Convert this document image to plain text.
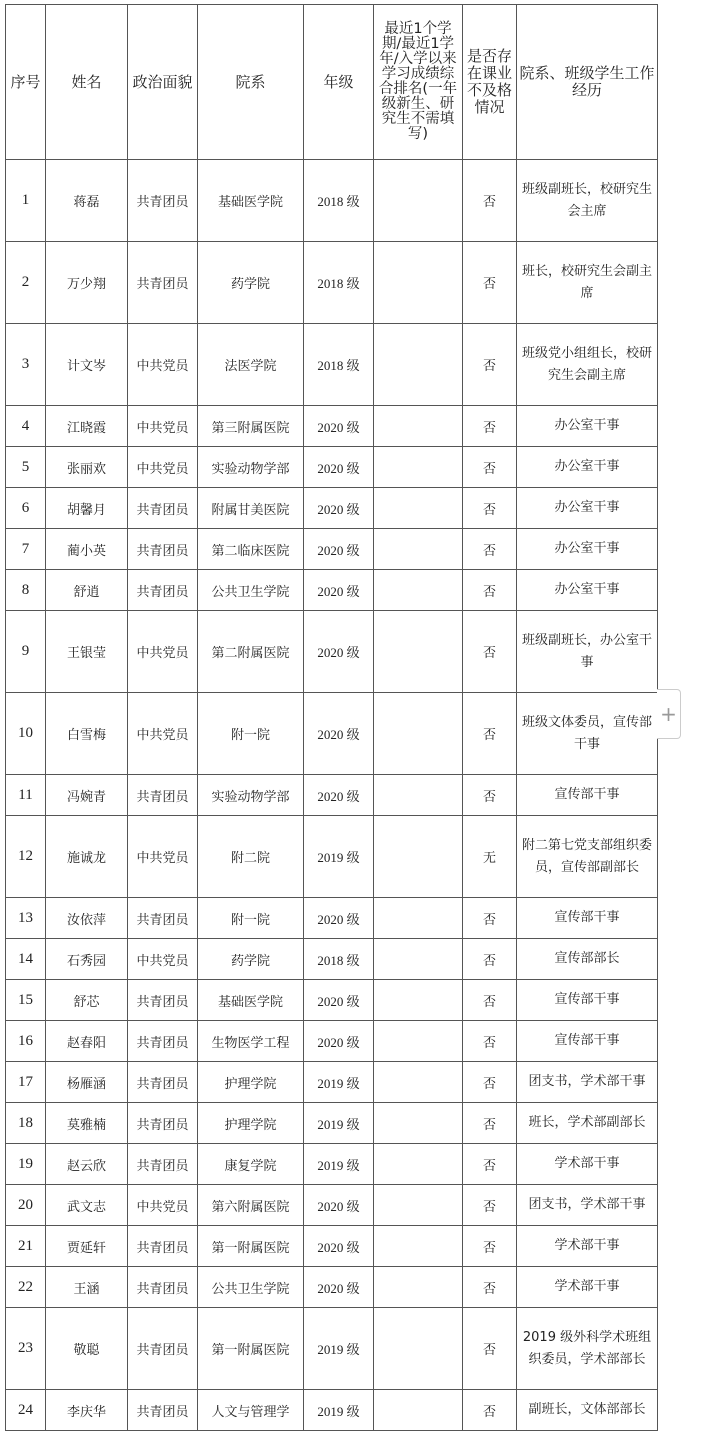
序号	姓名	政治面貌	院系	年级	最近1个学期/最近1学年/入学以来学习成绩综合排名(一年级新生、研究生不需填写)	是否存在课业不及格情况	院系、班级学生工作经历
1	蒋磊	共青团员	基础医学院	2018 级		否	班级副班长，校研究生会主席
2	万少翔	共青团员	药学院	2018 级		否	班长，校研究生会副主席
3	计文岑	中共党员	法医学院	2018 级		否	班级党小组组长，校研究生会副主席
4	江晓霞	中共党员	第三附属医院	2020 级		否	办公室干事
5	张丽欢	中共党员	实验动物学部	2020 级		否	办公室干事
6	胡馨月	共青团员	附属甘美医院	2020 级		否	办公室干事
7	蔺小英	共青团员	第二临床医院	2020 级		否	办公室干事
8	舒逍	共青团员	公共卫生学院	2020 级		否	办公室干事
9	王银莹	中共党员	第二附属医院	2020 级		否	班级副班长，办公室干事
10	白雪梅	中共党员	附一院	2020 级		否	班级文体委员，宣传部干事
11	冯婉青	共青团员	实验动物学部	2020 级		否	宣传部干事
12	施诚龙	中共党员	附二院	2019 级		无	附二第七党支部组织委员，宣传部副部长
13	汝依萍	共青团员	附一院	2020 级		否	宣传部干事
14	石秀园	中共党员	药学院	2018 级		否	宣传部部长
15	舒芯	共青团员	基础医学院	2020 级		否	宣传部干事
16	赵春阳	共青团员	生物医学工程	2020 级		否	宣传部干事
17	杨雁涵	共青团员	护理学院	2019 级		否	团支书，学术部干事
18	莫雅楠	共青团员	护理学院	2019 级		否	班长，学术部副部长
19	赵云欣	共青团员	康复学院	2019 级		否	学术部干事
20	武文志	中共党员	第六附属医院	2020 级		否	团支书，学术部干事
21	贾延轩	共青团员	第一附属医院	2020 级		否	学术部干事
22	王涵	共青团员	公共卫生学院	2020 级		否	学术部干事
23	敬聪	共青团员	第一附属医院	2019 级		否	2019 级外科学术班组织委员，学术部部长
24	李庆华	共青团员	人文与管理学	2019 级		否	副班长，文体部部长
+
